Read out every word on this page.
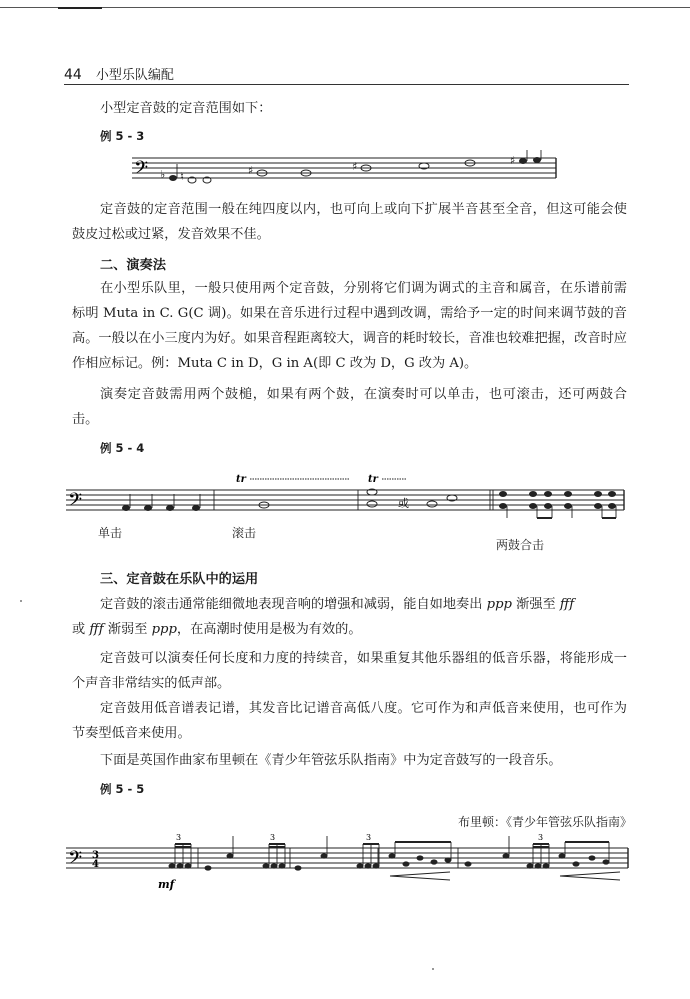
44 小型乐队编配
小型定音鼓的定音范围如下：
例 5 - 3
𝄢 ♭ ♮	♯	♯	♯
定音鼓的定音范围一般在纯四度以内，也可向上或向下扩展半音甚至全音，但这可能会使鼓皮过松或过紧，发音效果不佳。
二、演奏法
在小型乐队里，一般只使用两个定音鼓，分别将它们调为调式的主音和属音，在乐谱前需标明 Muta in C. G(C 调)。如果在音乐进行过程中遇到改调，需给予一定的时间来调节鼓的音高。一般以在小三度内为好。如果音程距离较大，调音的耗时较长，音准也较难把握，改音时应作相应标记。例：Muta C in D，G in A(即 C 改为 D，G 改为 A)。
演奏定音鼓需用两个鼓槌，如果有两个鼓，在演奏时可以单击，也可滚击，还可两鼓合击。
例 5 - 4
𝄢
tr	tr
或
单击	滚击
两鼓合击
三、定音鼓在乐队中的运用
定音鼓的滚击通常能细微地表现音响的增强和减弱，能自如地奏出 ppp 渐强至 fff
或 fff 渐弱至 ppp，在高潮时使用是极为有效的。
定音鼓可以演奏任何长度和力度的持续音，如果重复其他乐器组的低音乐器，将能形成一个声音非常结实的低声部。
定音鼓用低音谱表记谱，其发音比记谱音高低八度。它可作为和声低音来使用，也可作为节奏型低音来使用。
下面是英国作曲家布里顿在《青少年管弦乐队指南》中为定音鼓写的一段音乐。
例 5 - 5
布里顿：《青少年管弦乐队指南》
𝄢 3
4
mf
3	3	3	3
